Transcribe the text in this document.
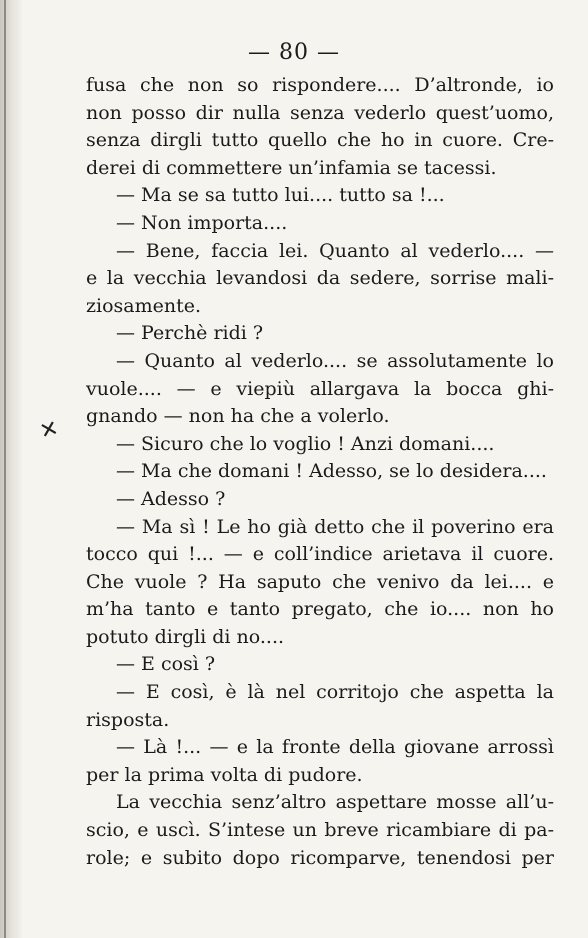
— 80 —
✕
fusa che non so rispondere.... D’altronde, io
non posso dir nulla senza vederlo quest’uomo,
senza dirgli tutto quello che ho in cuore. Cre-
derei di commettere un’infamia se tacessi.
— Ma se sa tutto lui.... tutto sa !...
— Non importa....
— Bene, faccia lei. Quanto al vederlo.... —
e la vecchia levandosi da sedere, sorrise mali-
ziosamente.
— Perchè ridi ?
— Quanto al vederlo.... se assolutamente lo
vuole.... — e viepiù allargava la bocca ghi-
gnando — non ha che a volerlo.
— Sicuro che lo voglio ! Anzi domani....
— Ma che domani ! Adesso, se lo desidera....
— Adesso ?
— Ma sì ! Le ho già detto che il poverino era
tocco qui !... — e coll’indice arietava il cuore.
Che vuole ? Ha saputo che venivo da lei.... e
m’ha tanto e tanto pregato, che io.... non ho
potuto dirgli di no....
— E così ?
— E così, è là nel corritojo che aspetta la
risposta.
— Là !... — e la fronte della giovane arrossì
per la prima volta di pudore.
La vecchia senz’altro aspettare mosse all’u-
scio, e uscì. S’intese un breve ricambiare di pa-
role; e subito dopo ricomparve, tenendosi per
